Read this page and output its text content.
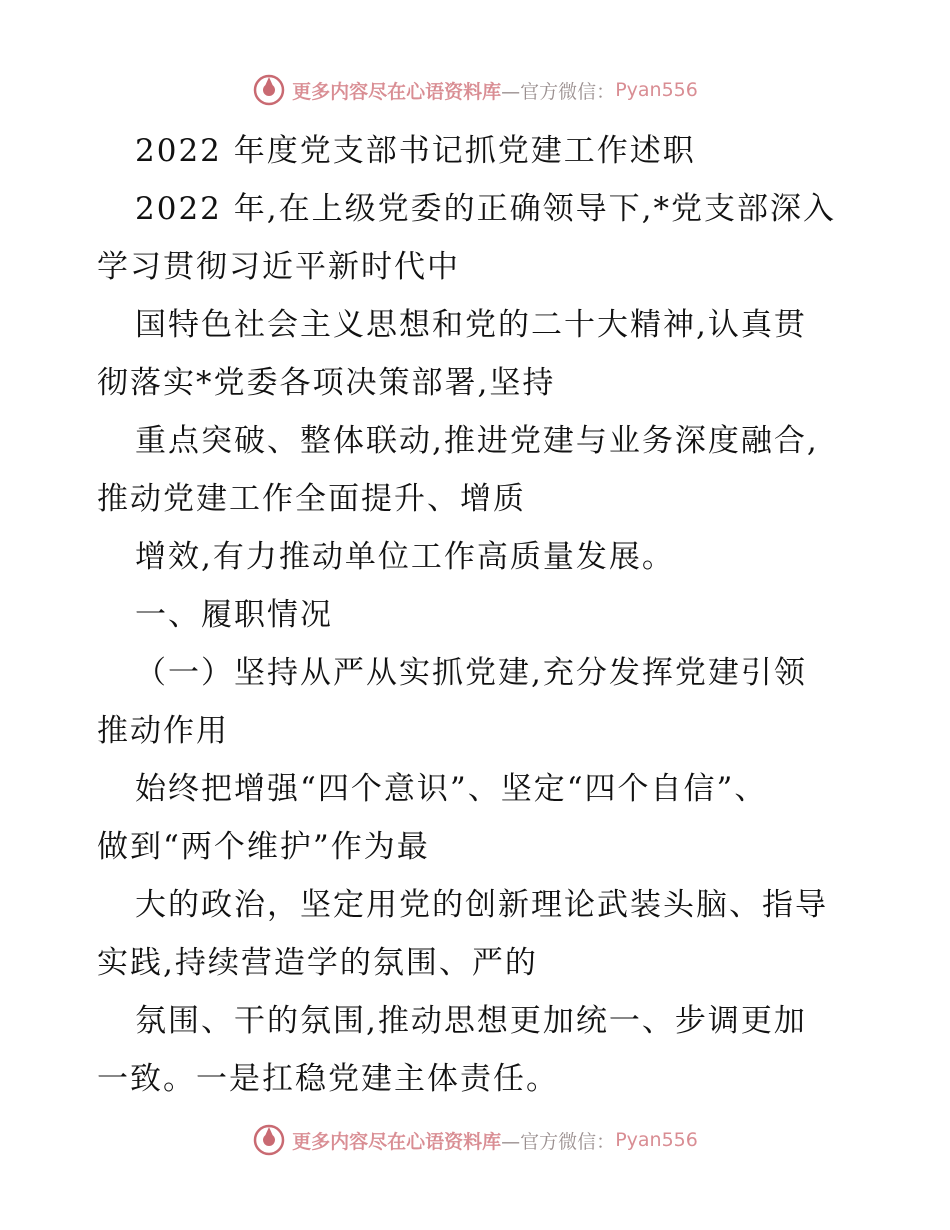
更多内容尽在心语资料库 —官方微信： Pyan556
2022 年度党支部书记抓党建工作述职
2022 年,在上级党委的正确领导下,*党支部深入
学习贯彻习近平新时代中
国特色社会主义思想和党的二十大精神,认真贯
彻落实*党委各项决策部署,坚持
重点突破、整体联动,推进党建与业务深度融合,
推动党建工作全面提升、增质
增效,有力推动单位工作高质量发展。
一、履职情况
（一）坚持从严从实抓党建,充分发挥党建引领
推动作用
始终把增强“四个意识”、坚定“四个自信”、
做到“两个维护”作为最
大的政治，坚定用党的创新理论武装头脑、指导
实践,持续营造学的氛围、严的
氛围、干的氛围,推动思想更加统一、步调更加
一致。一是扛稳党建主体责任。
更多内容尽在心语资料库 —官方微信： Pyan556
